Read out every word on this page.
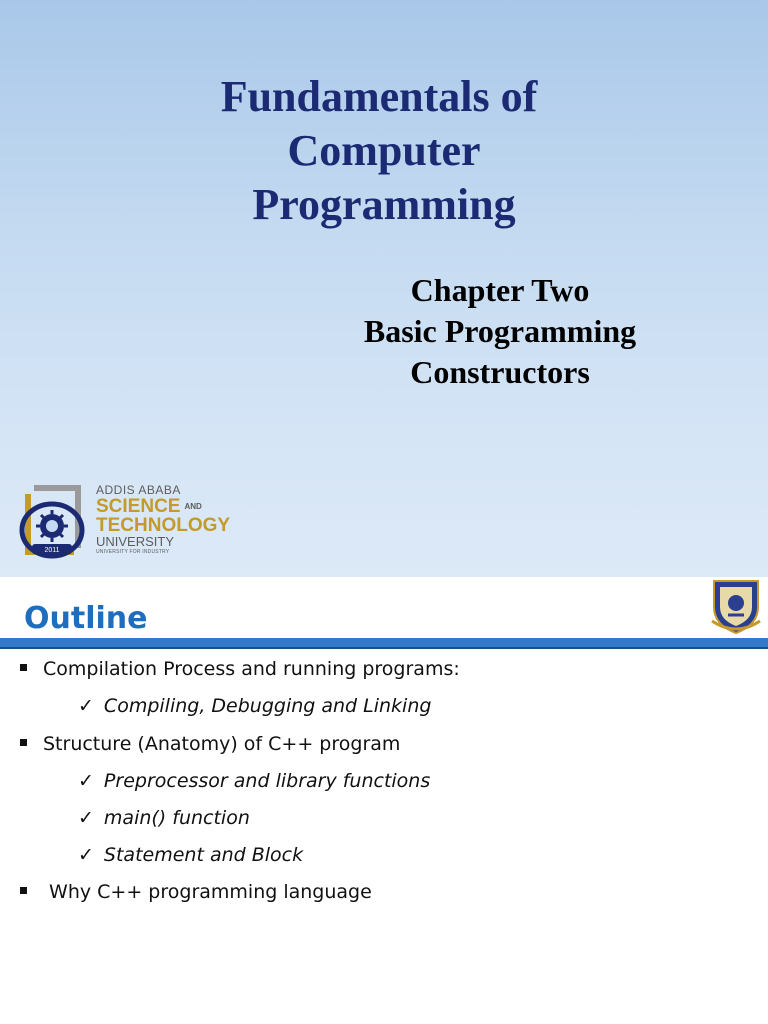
Fundamentals of
Computer
Programming
Chapter Two
Basic Programming
Constructors
2011
ADDIS ABABA
SCIENCE AND
TECHNOLOGY
UNIVERSITY
UNIVERSITY FOR INDUSTRY
Outline
Compilation Process and running programs:
✓ Compiling, Debugging and Linking
Structure (Anatomy) of C++ program
✓ Preprocessor and library functions
✓ main() function
✓ Statement and Block
Why C++ programming language
